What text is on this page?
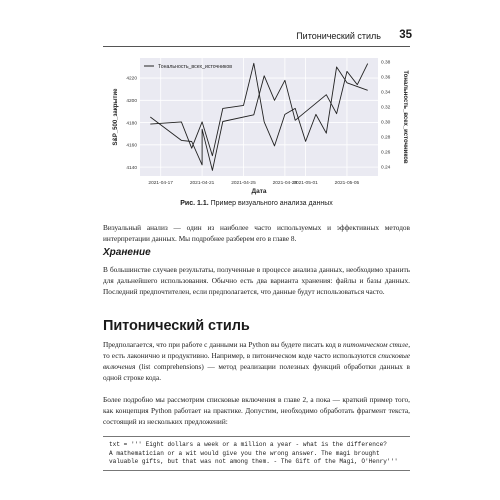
Питонический стиль	35
2021-04-17	2021-04-21	2021-04-25	2021-04-29
2021-05-01	2021-05-05
4140
4160
4180
4200
4220
0.24
0.26
0.28
0.30
0.32
0.34
0.36
0.38
Тональность_всех_источников
Дата
S&P_500_закрытие	Тональность_всех_источников
Рис. 1.1. Пример визуального анализа данных
Визуальный анализ — один из наиболее часто используемых и эффективных методов интерпретации данных. Мы подробнее разберем его в главе 8.
Хранение
В большинстве случаев результаты, полученные в процессе анализа данных, необходимо хранить для дальнейшего использования. Обычно есть два варианта хранения: файлы и базы данных. Последний предпочтителен, если предполагается, что данные будут использоваться часто.
Питонический стиль
Предполагается, что при работе с данными на Python вы будете писать код в питоническом стиле, то есть лаконично и продуктивно. Например, в питоническом коде часто используются списковые включения (list comprehensions) — метод реализации полезных функций обработки данных в одной строке кода.
Более подробно мы рассмотрим списковые включения в главе 2, а пока — краткий пример того, как концепция Python работает на практике. Допустим, необходимо обработать фрагмент текста, состоящий из нескольких предложений:
txt = ''' Eight dollars a week or a million a year - what is the difference?
A mathematician or a wit would give you the wrong answer. The magi brought
valuable gifts, but that was not among them. - The Gift of the Magi, O'Henry'''
